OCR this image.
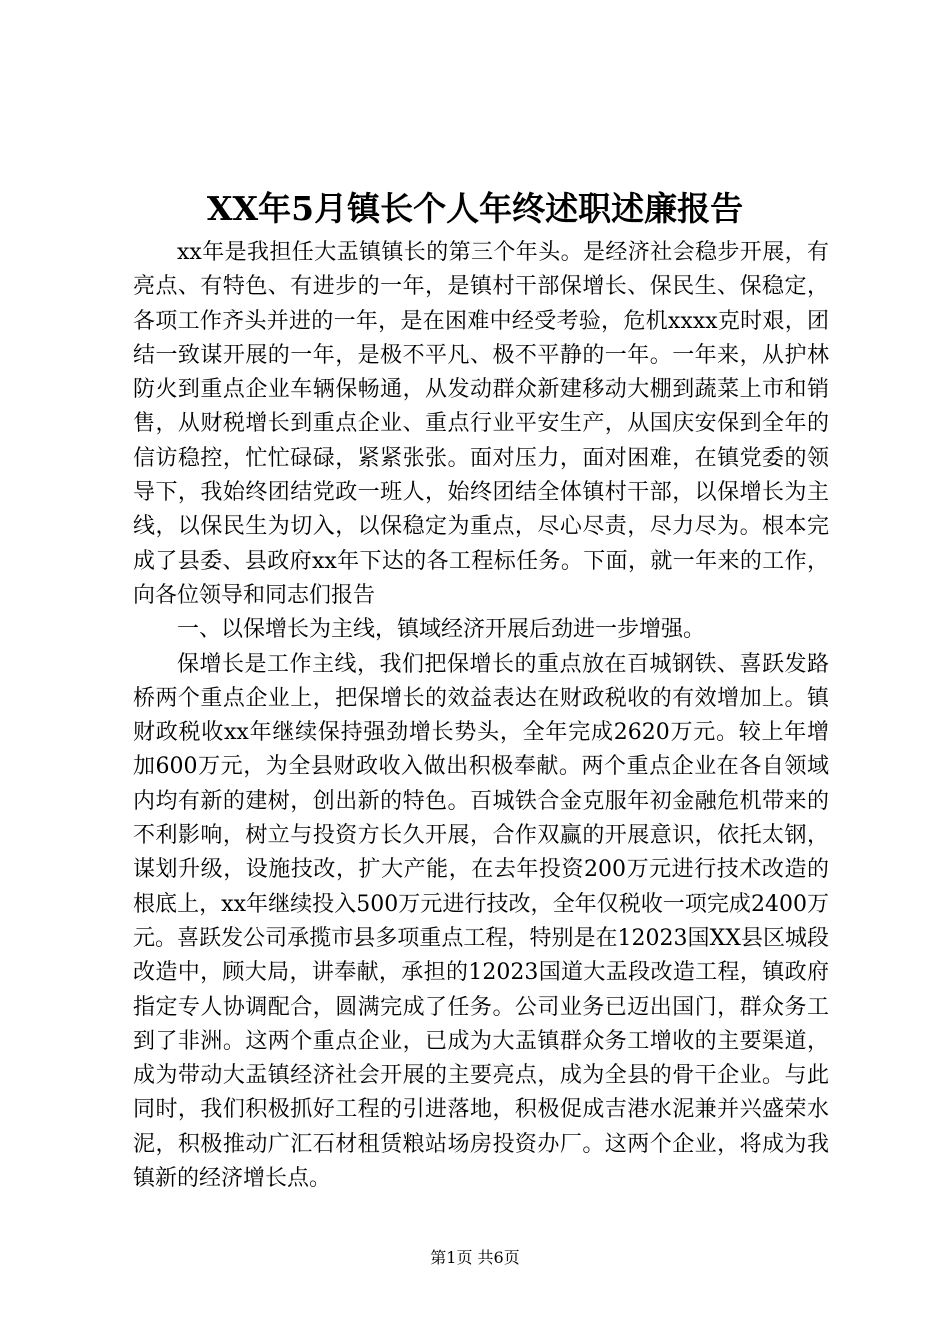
XX年5月镇长个人年终述职述廉报告

xx年是我担任大盂镇镇长的第三个年头。是经济社会稳步开展，有亮点、有特色、有进步的一年，是镇村干部保增长、保民生、保稳定，各项工作齐头并进的一年，是在困难中经受考验，危机xxxx克时艰，团结一致谋开展的一年，是极不平凡、极不平静的一年。一年来，从护林防火到重点企业车辆保畅通，从发动群众新建移动大棚到蔬菜上市和销售，从财税增长到重点企业、重点行业平安生产，从国庆安保到全年的信访稳控，忙忙碌碌，紧紧张张。面对压力，面对困难，在镇党委的领导下，我始终团结党政一班人，始终团结全体镇村干部，以保增长为主线，以保民生为切入，以保稳定为重点，尽心尽责，尽力尽为。根本完成了县委、县政府xx年下达的各工程标任务。下面，就一年来的工作，向各位领导和同志们报告

一、以保增长为主线，镇域经济开展后劲进一步增强。

保增长是工作主线，我们把保增长的重点放在百城钢铁、喜跃发路桥两个重点企业上，把保增长的效益表达在财政税收的有效增加上。镇财政税收xx年继续保持强劲增长势头，全年完成2620万元。较上年增加600万元，为全县财政收入做出积极奉献。两个重点企业在各自领域内均有新的建树，创出新的特色。百城铁合金克服年初金融危机带来的不利影响，树立与投资方长久开展，合作双赢的开展意识，依托太钢，谋划升级，设施技改，扩大产能，在去年投资200万元进行技术改造的根底上，xx年继续投入500万元进行技改，全年仅税收一项完成2400万元。喜跃发公司承揽市县多项重点工程，特别是在12023国XX县区城段改造中，顾大局，讲奉献，承担的12023国道大盂段改造工程，镇政府指定专人协调配合，圆满完成了任务。公司业务已迈出国门，群众务工到了非洲。这两个重点企业，已成为大盂镇群众务工增收的主要渠道，成为带动大盂镇经济社会开展的主要亮点，成为全县的骨干企业。与此同时，我们积极抓好工程的引进落地，积极促成吉港水泥兼并兴盛荣水泥，积极推动广汇石材租赁粮站场房投资办厂。这两个企业，将成为我镇新的经济增长点。

第1页 共6页
